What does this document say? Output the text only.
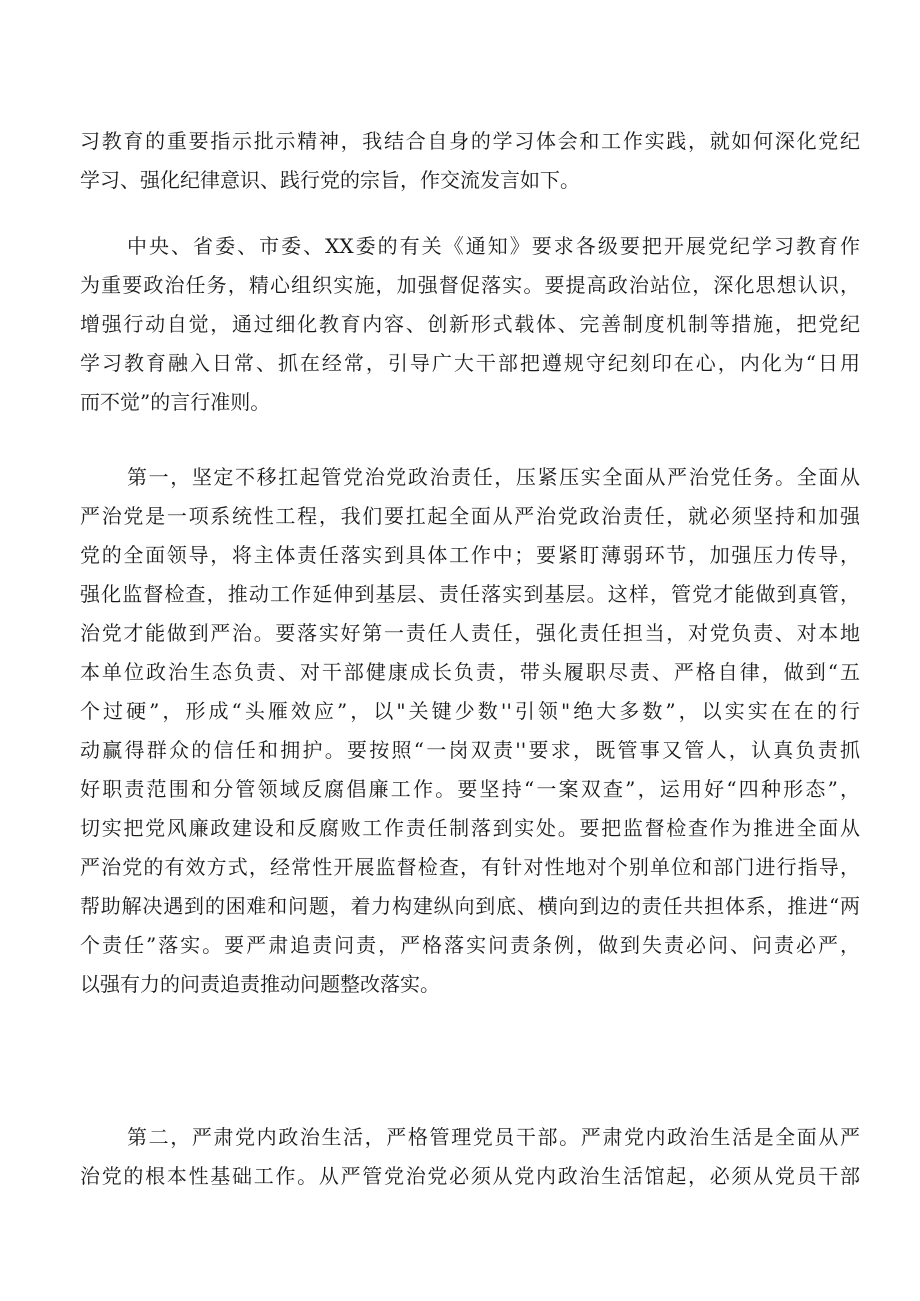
习教育的重要指示批示精神，我结合自身的学习体会和工作实践，就如何深化党纪
学习、强化纪律意识、践行党的宗旨，作交流发言如下。
中央、省委、市委、XX委的有关《通知》要求各级要把开展党纪学习教育作
为重要政治任务，精心组织实施，加强督促落实。要提高政治站位，深化思想认识，
增强行动自觉，通过细化教育内容、创新形式载体、完善制度机制等措施，把党纪
学习教育融入日常、抓在经常，引导广大干部把遵规守纪刻印在心，内化为“日用
而不觉”的言行准则。
第一，坚定不移扛起管党治党政治责任，压紧压实全面从严治党任务。全面从
严治党是一项系统性工程，我们要扛起全面从严治党政治责任，就必须坚持和加强
党的全面领导，将主体责任落实到具体工作中；要紧盯薄弱环节，加强压力传导，
强化监督检查，推动工作延伸到基层、责任落实到基层。这样，管党才能做到真管，
治党才能做到严治。要落实好第一责任人责任，强化责任担当，对党负责、对本地
本单位政治生态负责、对干部健康成长负责，带头履职尽责、严格自律，做到“五
个过硬”，形成“头雁效应”，以"关键少数''引领"绝大多数”，以实实在在的行
动赢得群众的信任和拥护。要按照“一岗双责''要求，既管事又管人，认真负责抓
好职责范围和分管领域反腐倡廉工作。要坚持“一案双查”，运用好“四种形态”，
切实把党风廉政建设和反腐败工作责任制落到实处。要把监督检查作为推进全面从
严治党的有效方式，经常性开展监督检查，有针对性地对个别单位和部门进行指导，
帮助解决遇到的困难和问题，着力构建纵向到底、横向到边的责任共担体系，推进“两
个责任”落实。要严肃追责问责，严格落实问责条例，做到失责必问、问责必严，
以强有力的问责追责推动问题整改落实。
第二，严肃党内政治生活，严格管理党员干部。严肃党内政治生活是全面从严
治党的根本性基础工作。从严管党治党必须从党内政治生活馆起，必须从党员干部
